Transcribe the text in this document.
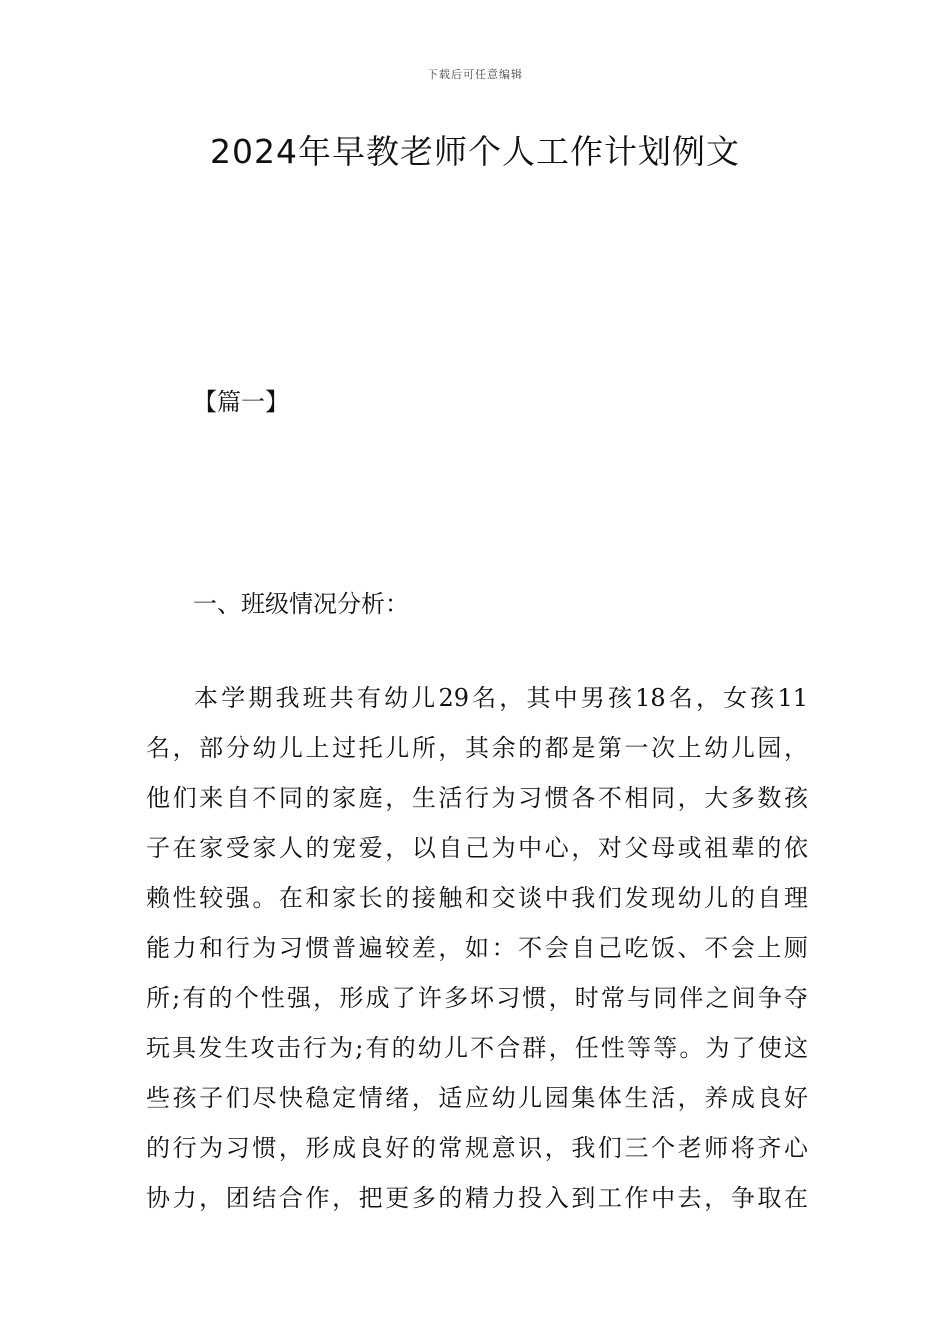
下载后可任意编辑
2024年早教老师个人工作计划例文
【篇一】
一、班级情况分析：
本学期我班共有幼儿29名，其中男孩18名，女孩11
名，部分幼儿上过托儿所，其余的都是第一次上幼儿园，
他们来自不同的家庭，生活行为习惯各不相同，大多数孩
子在家受家人的宠爱，以自己为中心，对父母或祖辈的依
赖性较强。在和家长的接触和交谈中我们发现幼儿的自理
能力和行为习惯普遍较差，如：不会自己吃饭、不会上厕
所;有的个性强，形成了许多坏习惯，时常与同伴之间争夺
玩具发生攻击行为;有的幼儿不合群，任性等等。为了使这
些孩子们尽快稳定情绪，适应幼儿园集体生活，养成良好
的行为习惯，形成良好的常规意识，我们三个老师将齐心
协力，团结合作，把更多的精力投入到工作中去，争取在
